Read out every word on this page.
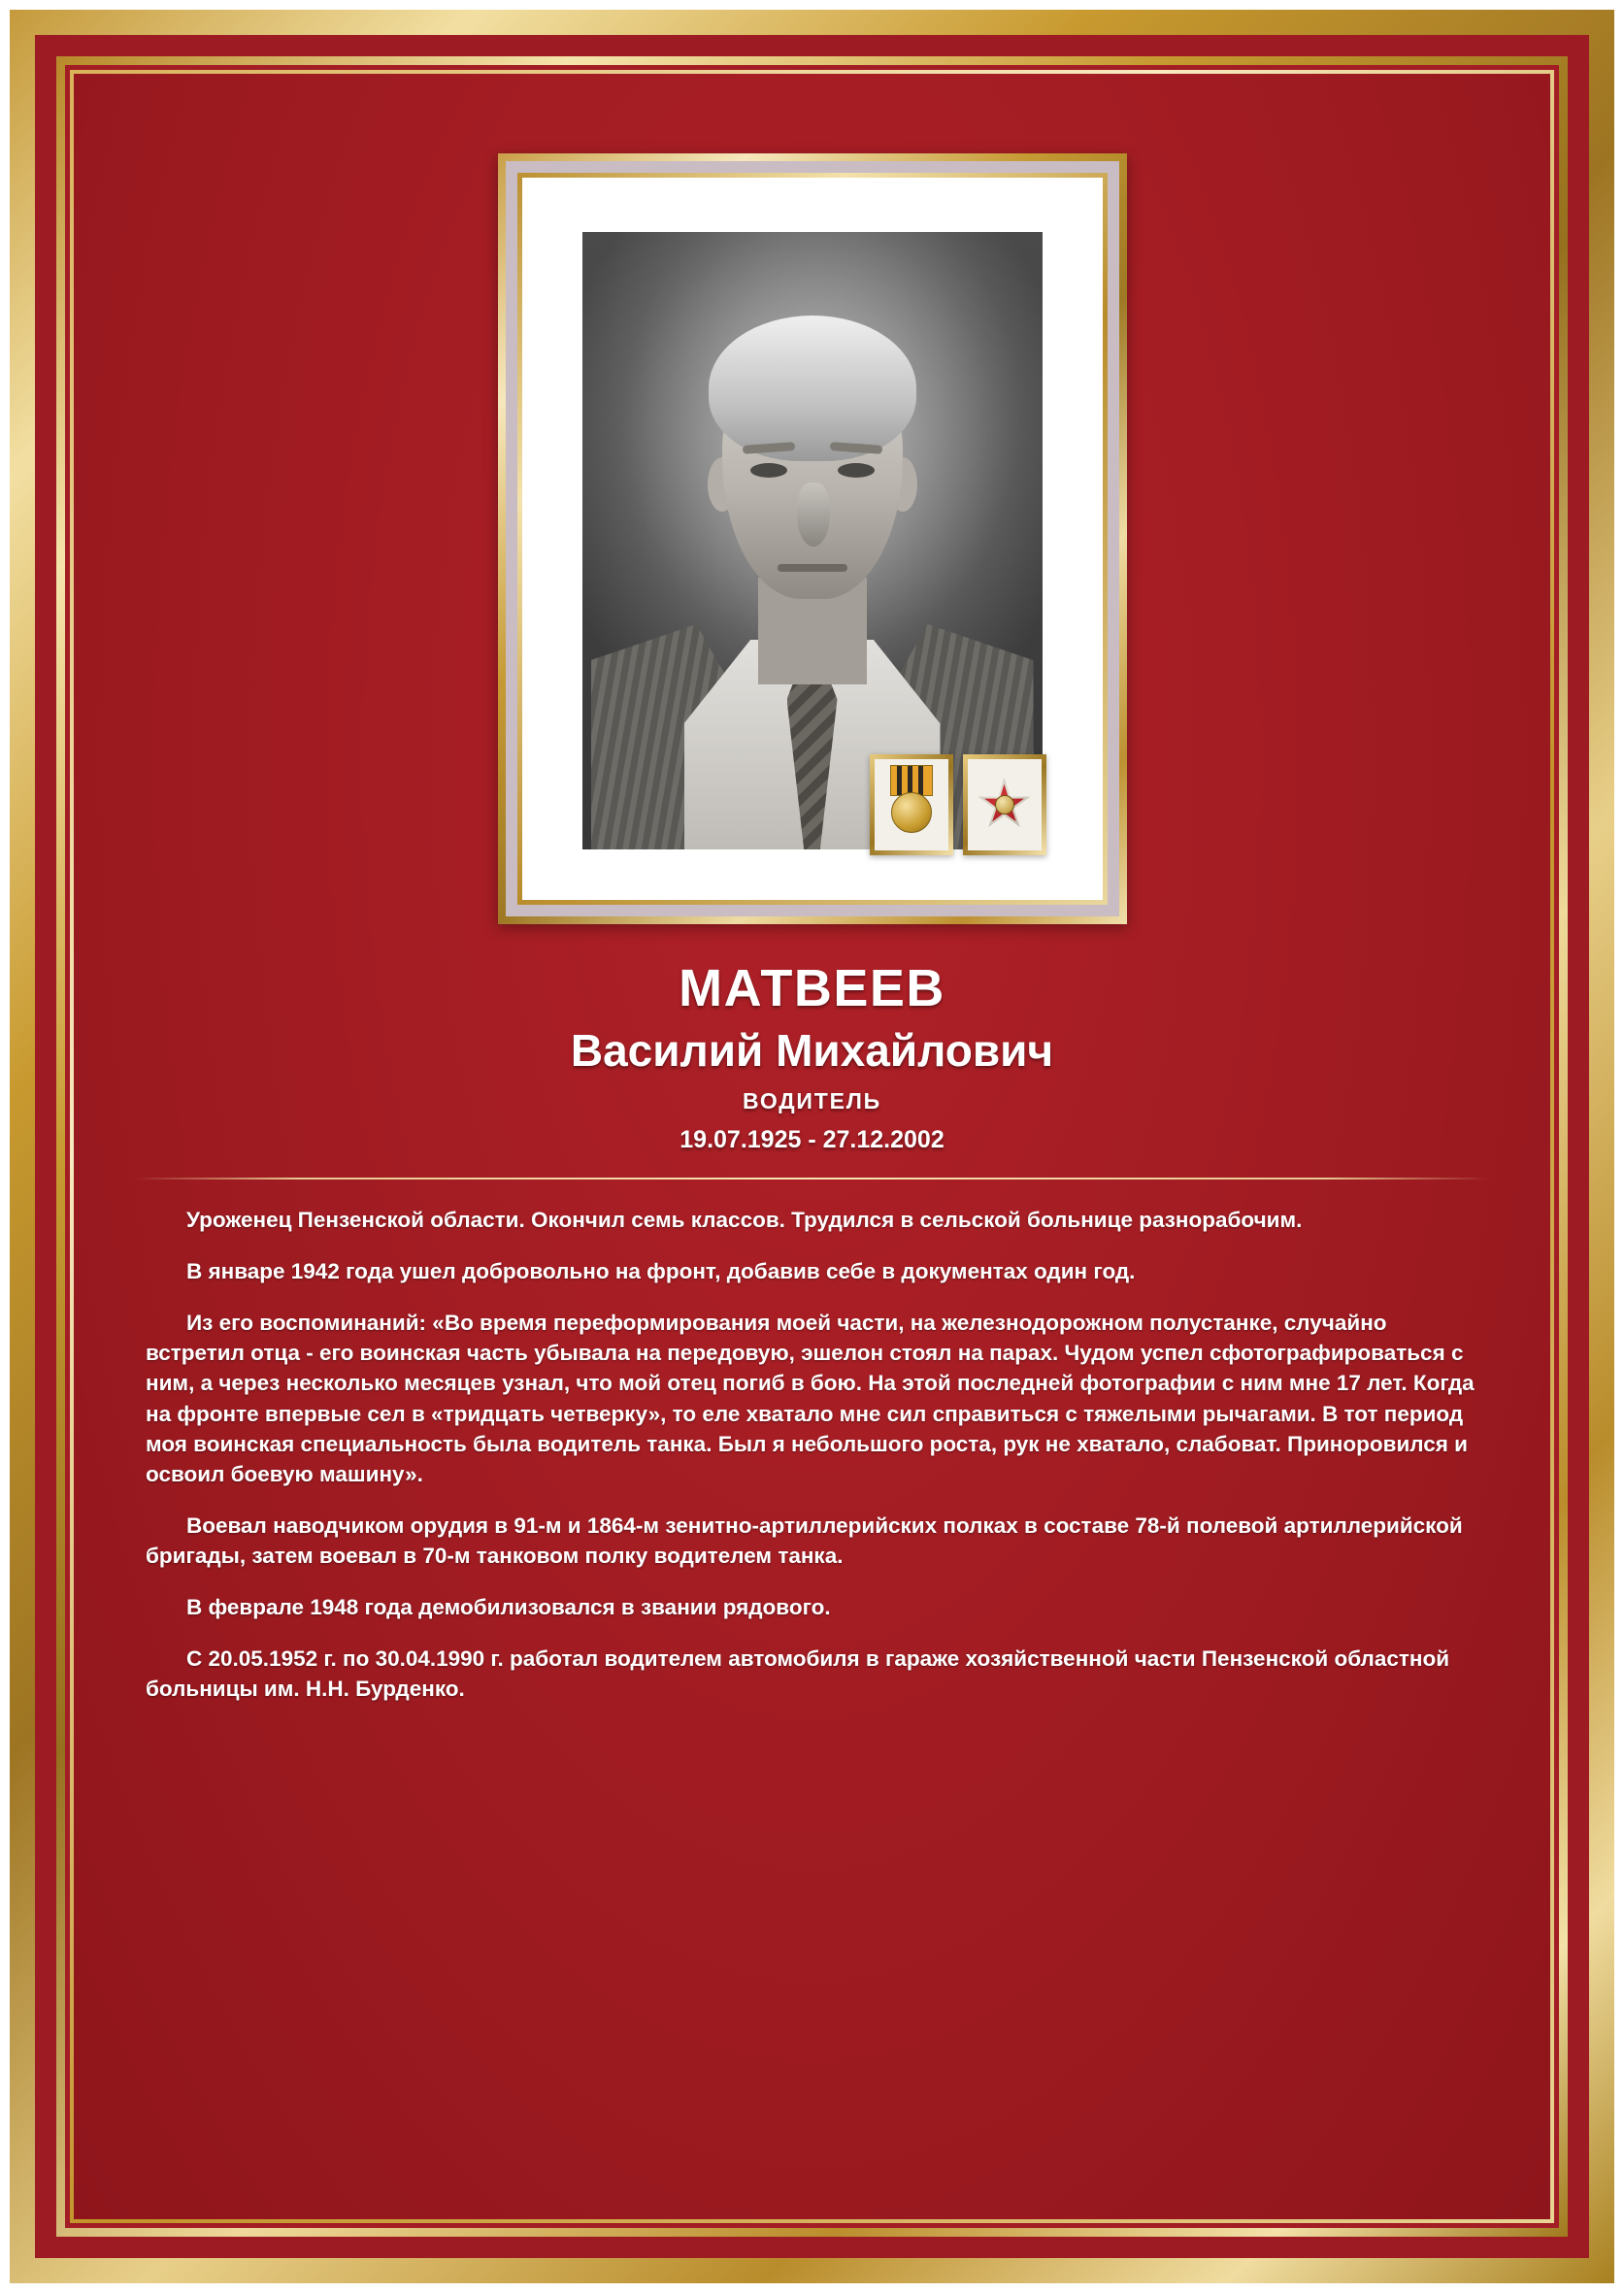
МАТВЕЕВ
Василий Михайлович
ВОДИТЕЛЬ
19.07.1925 - 27.12.2002

Уроженец Пензенской области. Окончил семь классов. Трудился в сельской больнице разнорабочим.

В январе 1942 года ушел добровольно на фронт, добавив себе в документах один год.

Из его воспоминаний: «Во время переформирования моей части, на железнодорожном полустанке, случайно встретил отца - его воинская часть убывала на передовую, эшелон стоял на парах. Чудом успел сфотографироваться с ним, а через несколько месяцев узнал, что мой отец погиб в бою. На этой последней фотографии с ним мне 17 лет. Когда на фронте впервые сел в «тридцать четверку», то еле хватало мне сил справиться с тяжелыми рычагами. В тот период моя воинская специальность была водитель танка. Был я небольшого роста, рук не хватало, слабоват. Приноровился и освоил боевую машину».

Воевал наводчиком орудия в 91-м и 1864-м зенитно-артиллерийских полках в составе 78-й полевой артиллерийской бригады, затем воевал в 70-м танковом полку водителем танка.

В феврале 1948 года демобилизовался в звании рядового.

С 20.05.1952 г. по 30.04.1990 г. работал водителем автомобиля в гараже хозяйственной части Пензенской областной больницы им. Н.Н. Бурденко.
